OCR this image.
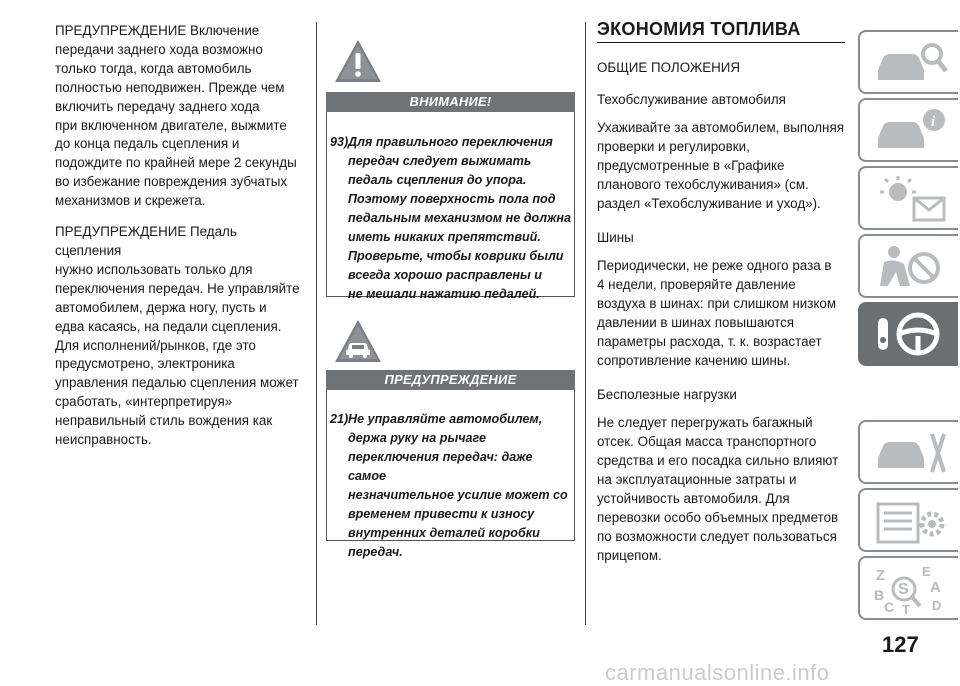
ПРЕДУПРЕЖДЕНИЕ Включение
передачи заднего хода возможно
только тогда, когда автомобиль
полностью неподвижен. Прежде чем
включить передачу заднего хода
при включенном двигателе, выжмите
до конца педаль сцепления и
подождите по крайней мере 2 секунды
во избежание повреждения зубчатых
механизмов и скрежета.

ПРЕДУПРЕЖДЕНИЕ Педаль сцепления
нужно использовать только для
переключения передач. Не управляйте
автомобилем, держа ногу, пусть и
едва касаясь, на педали сцепления.
Для исполнений/рынков, где это
предусмотрено, электроника
управления педалью сцепления может
сработать, «интерпретируя»
неправильный стиль вождения как
неисправность.

ВНИМАНИЕ!
93) Для правильного переключения
передач следует выжимать
педаль сцепления до упора.
Поэтому поверхность пола под
педальным механизмом не должна
иметь никаких препятствий.
Проверьте, чтобы коврики были
всегда хорошо расправлены и
не мешали нажатию педалей.
ПРЕДУПРЕЖДЕНИЕ
21) Не управляйте автомобилем,
держа руку на рычаге
переключения передач: даже самое
незначительное усилие может со
временем привести к износу
внутренних деталей коробки
передач.
ЭКОНОМИЯ ТОПЛИВА

ОБЩИЕ ПОЛОЖЕНИЯ

Техобслуживание автомобиля

Ухаживайте за автомобилем, выполняя
проверки и регулировки,
предусмотренные в «Графике
планового техобслуживания» (см.
раздел «Техобслуживание и уход»).

Шины

Периодически, не реже одного раза в
4 недели, проверяйте давление
воздуха в шинах: при слишком низком
давлении в шинах повышаются
параметры расхода, т. к. возрастает
сопротивление качению шины.

Бесполезные нагрузки

Не следует перегружать багажный
отсек. Общая масса транспортного
средства и его посадка сильно влияют
на эксплуатационные затраты и
устойчивость автомобиля. Для
перевозки особо объемных предметов
по возможности следует пользоваться
прицепом.

i
Z	E
A
B
C T D
S
127
carmanualsonline.info
